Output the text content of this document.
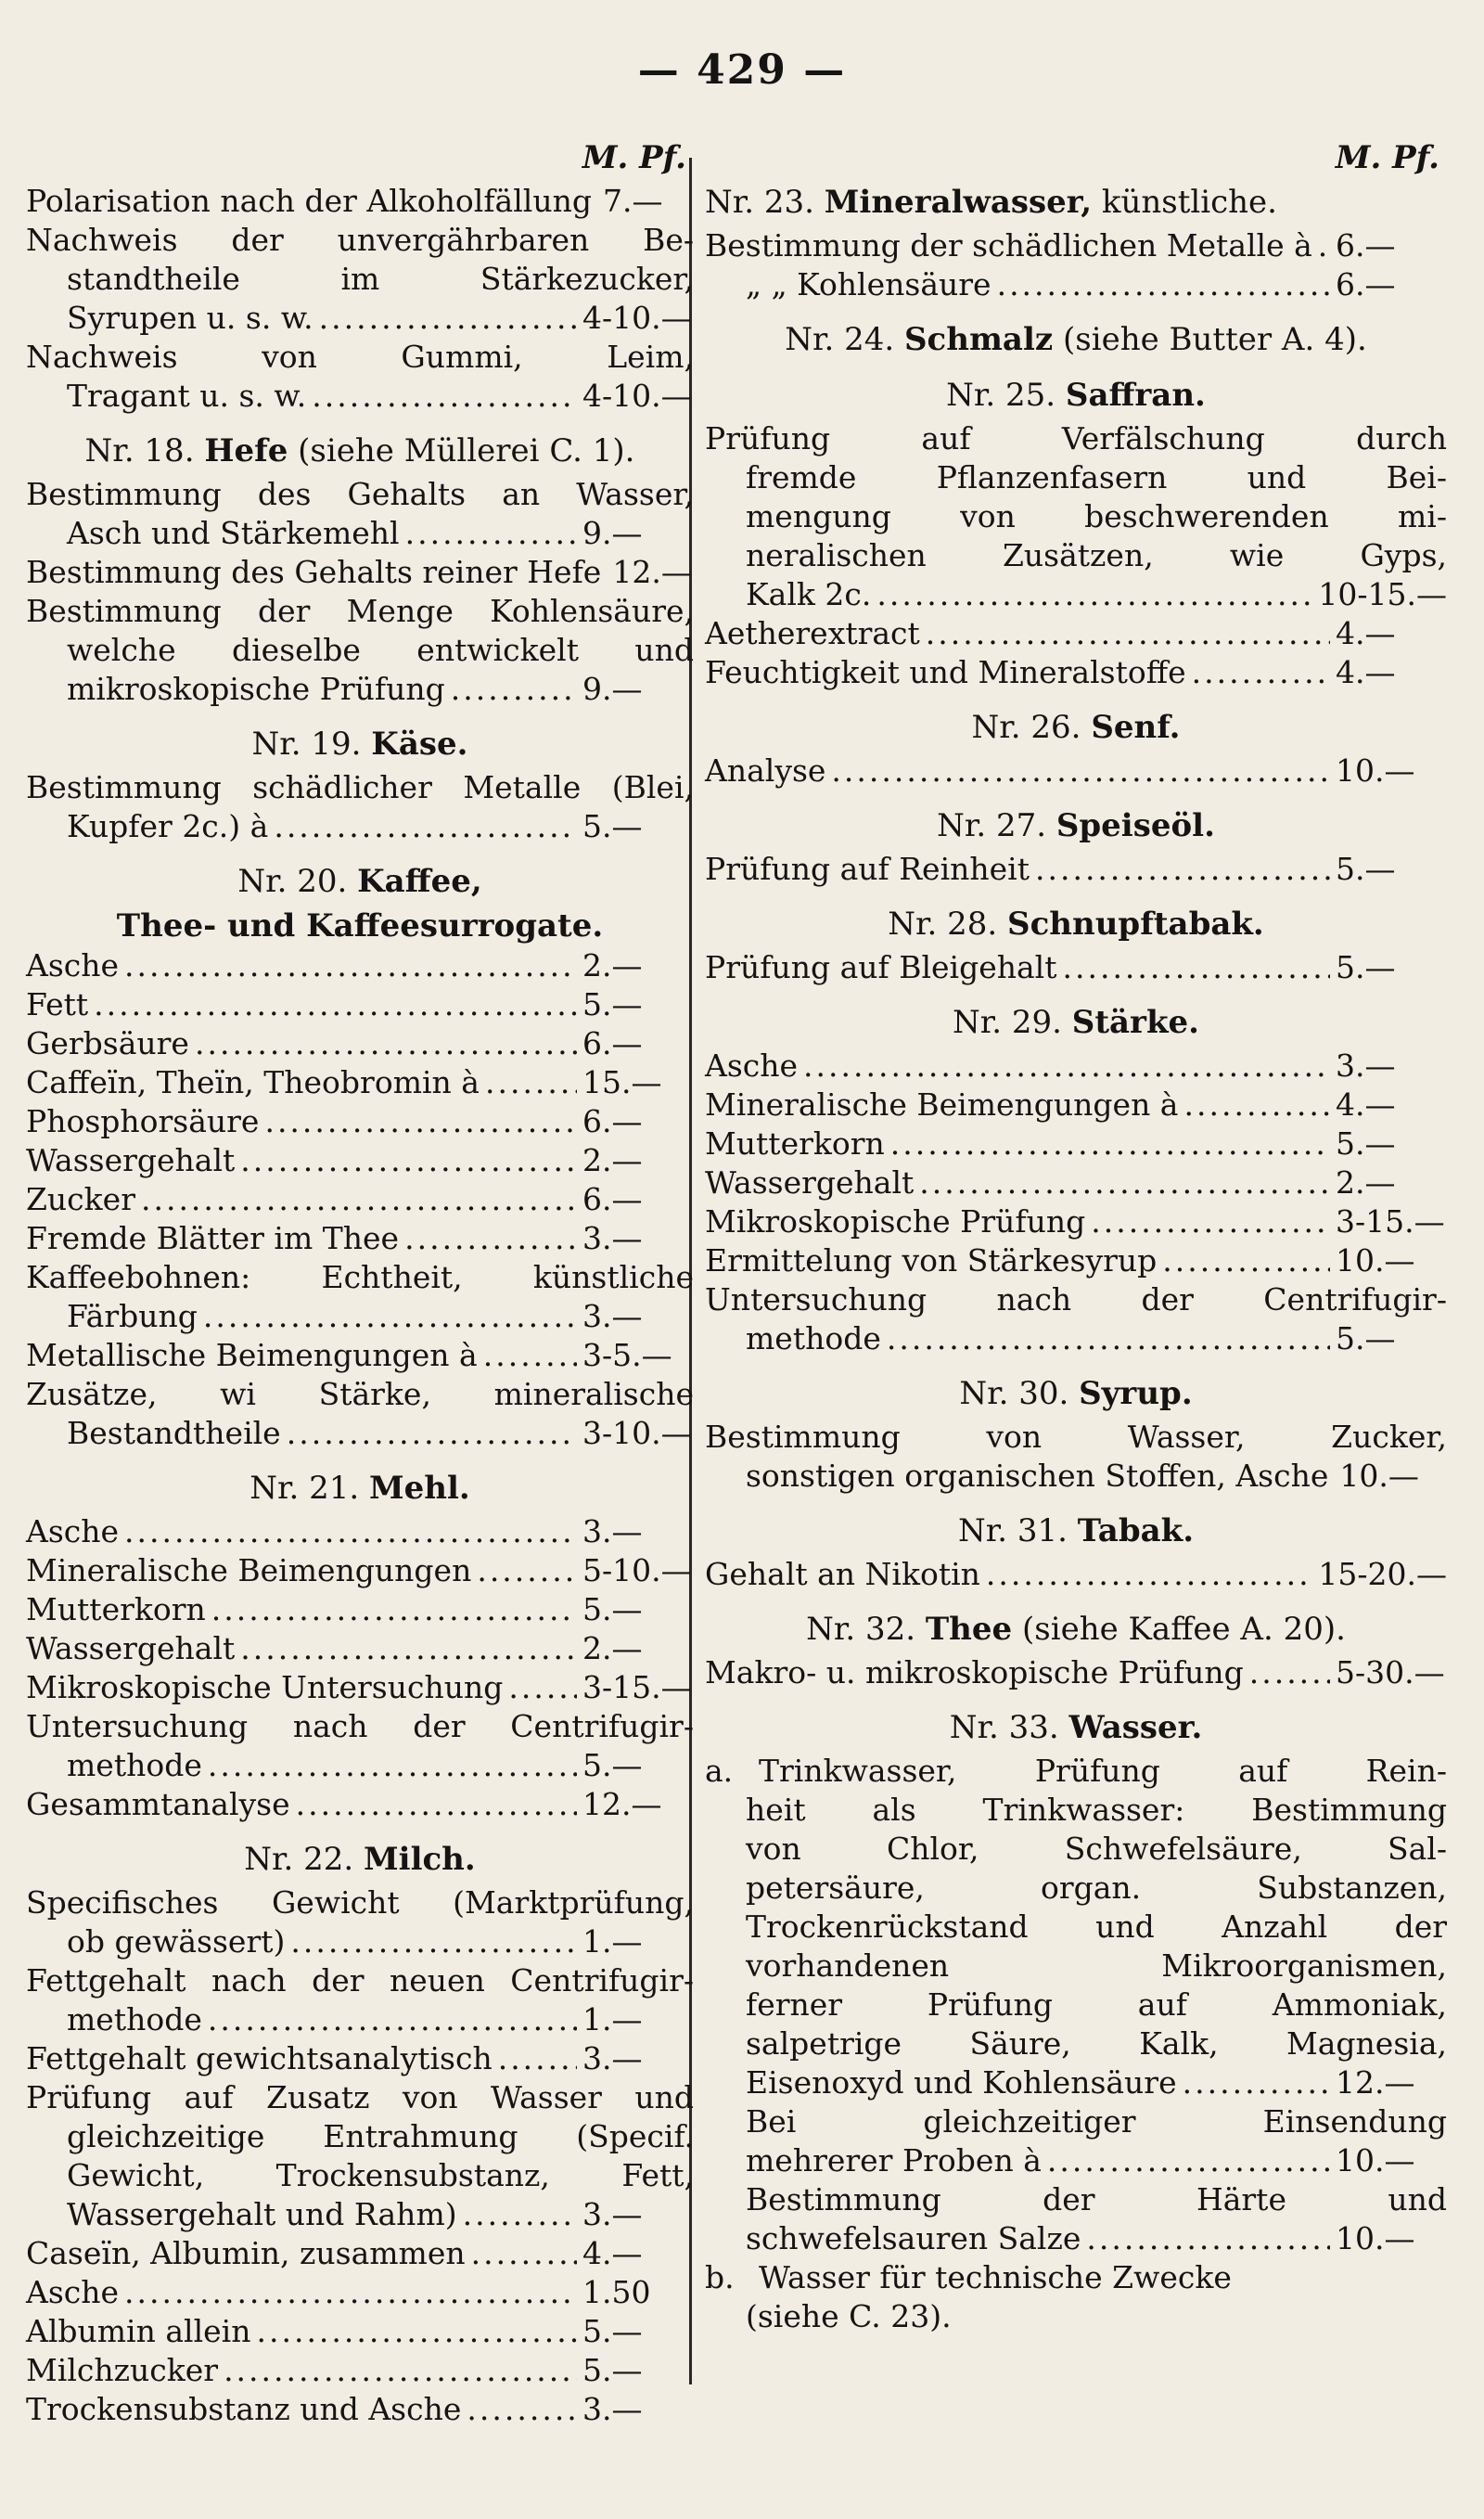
— 429 —
M. Pf.
Polarisation nach der Alkoholfällung 7.—
Nachweis der unvergährbaren Be-
standtheile im Stärkezucker,
Syrupen u. s. w. .....	4-10.—
Nachweis von Gummi, Leim,
Tragant u. s. w. .....	4-10.—
Nr. 18. Hefe (siehe Müllerei C. 1).
Bestimmung des Gehalts an Wasser,
Asch und Stärkemehl .....	9.—
Bestimmung des Gehalts reiner Hefe 12.—
Bestimmung der Menge Kohlensäure,
welche dieselbe entwickelt und
mikroskopische Prüfung .....	9.—
Nr. 19. Käse.
Bestimmung schädlicher Metalle (Blei,
Kupfer 2c.) à .....	5.—
Nr. 20. Kaffee,
Thee- und Kaffeesurrogate.
Asche .....	2.—
Fett .....	5.—
Gerbsäure .....	6.—
Caffeïn, Theïn, Theobromin à .....	15.—
Phosphorsäure .....	6.—
Wassergehalt .....	2.—
Zucker .....	6.—
Fremde Blätter im Thee .....	3.—
Kaffeebohnen: Echtheit, künstliche
Färbung .....	3.—
Metallische Beimengungen à .....	3-5.—
Zusätze, wi Stärke, mineralische
Bestandtheile .....	3-10.—
Nr. 21. Mehl.
Asche .....	3.—
Mineralische Beimengungen .....	5-10.—
Mutterkorn .....	5.—
Wassergehalt .....	2.—
Mikroskopische Untersuchung .....	3-15.—
Untersuchung nach der Centrifugir-
methode .....	5.—
Gesammtanalyse .....	12.—
Nr. 22. Milch.
Specifisches Gewicht (Marktprüfung,
ob gewässert) .....	1.—
Fettgehalt nach der neuen Centrifugir-
methode .....	1.—
Fettgehalt gewichtsanalytisch .....	3.—
Prüfung auf Zusatz von Wasser und
gleichzeitige Entrahmung (Specif.
Gewicht, Trockensubstanz, Fett,
Wassergehalt und Rahm) .....	3.—
Caseïn, Albumin, zusammen .....	4.—
Asche .....	1.50
Albumin allein .....	5.—
Milchzucker .....	5.—
Trockensubstanz und Asche .....	3.—
M. Pf.
Nr. 23. Mineralwasser, künstliche.
Bestimmung der schädlichen Metalle à ..... 6.—
„ „ Kohlensäure .....	6.—
Nr. 24. Schmalz (siehe Butter A. 4).
Nr. 25. Saffran.
Prüfung auf Verfälschung durch
fremde Pflanzenfasern und Bei-
mengung von beschwerenden mi-
neralischen Zusätzen, wie Gyps,
Kalk 2c. .....	10-15.—
Aetherextract .....	4.—
Feuchtigkeit und Mineralstoffe .....	4.—
Nr. 26. Senf.
Analyse .....	10.—
Nr. 27. Speiseöl.
Prüfung auf Reinheit .....	5.—
Nr. 28. Schnupftabak.
Prüfung auf Bleigehalt .....	5.—
Nr. 29. Stärke.
Asche .....	3.—
Mineralische Beimengungen à .....	4.—
Mutterkorn .....	5.—
Wassergehalt .....	2.—
Mikroskopische Prüfung .....	3-15.—
Ermittelung von Stärkesyrup .....	10.—
Untersuchung nach der Centrifugir-
methode .....	5.—
Nr. 30. Syrup.
Bestimmung von Wasser, Zucker,
sonstigen organischen Stoffen, Asche 10.—
Nr. 31. Tabak.
Gehalt an Nikotin .....	15-20.—
Nr. 32. Thee (siehe Kaffee A. 20).
Makro- u. mikroskopische Prüfung .....	5-30.—
Nr. 33. Wasser.
a. Trinkwasser, Prüfung auf Rein-
heit als Trinkwasser: Bestimmung
von Chlor, Schwefelsäure, Sal-
petersäure, organ. Substanzen,
Trockenrückstand und Anzahl der
vorhandenen Mikroorganismen,
ferner Prüfung auf Ammoniak,
salpetrige Säure, Kalk, Magnesia,
Eisenoxyd und Kohlensäure .....	12.—
Bei gleichzeitiger Einsendung
mehrerer Proben à .....	10.—
Bestimmung der Härte und
schwefelsauren Salze .....	10.—
b. Wasser für technische Zwecke
(siehe C. 23).
